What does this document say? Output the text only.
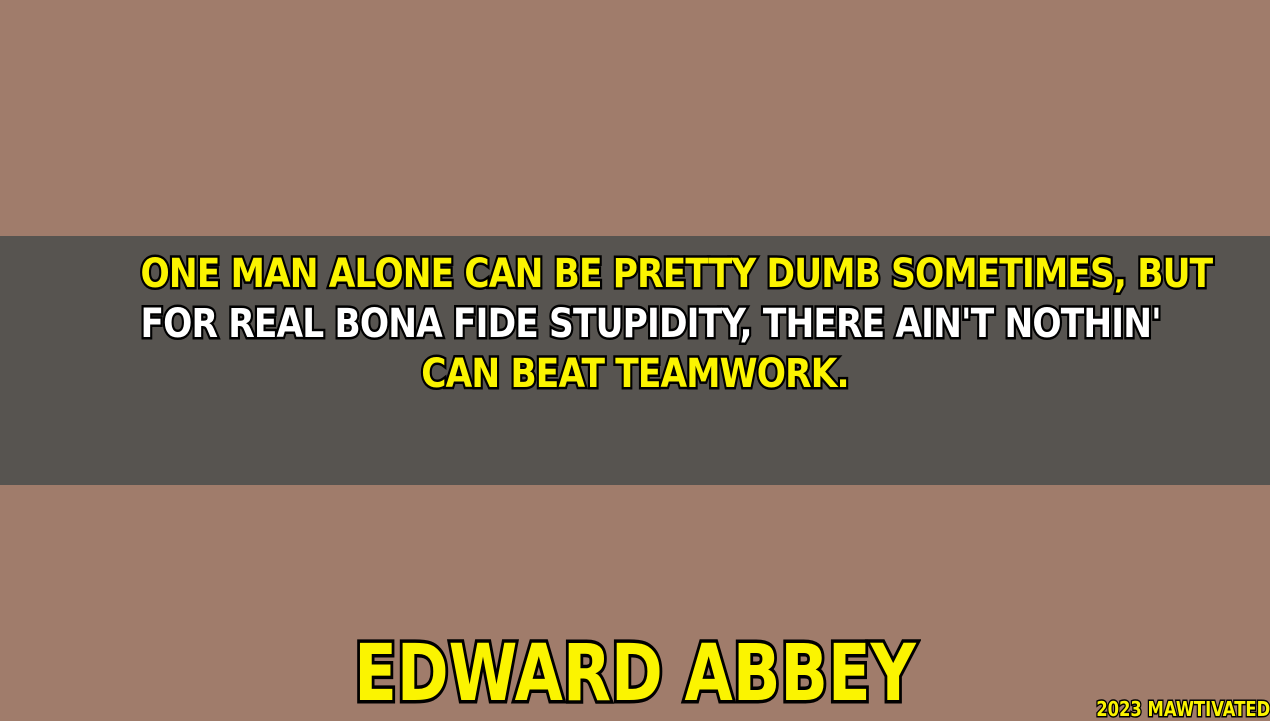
ONE MAN ALONE CAN BE PRETTY DUMB SOMETIMES, BUT
FOR REAL BONA FIDE STUPIDITY, THERE AIN'T NOTHIN'
CAN BEAT TEAMWORK.
EDWARD ABBEY	2023 MAWTIVATED
